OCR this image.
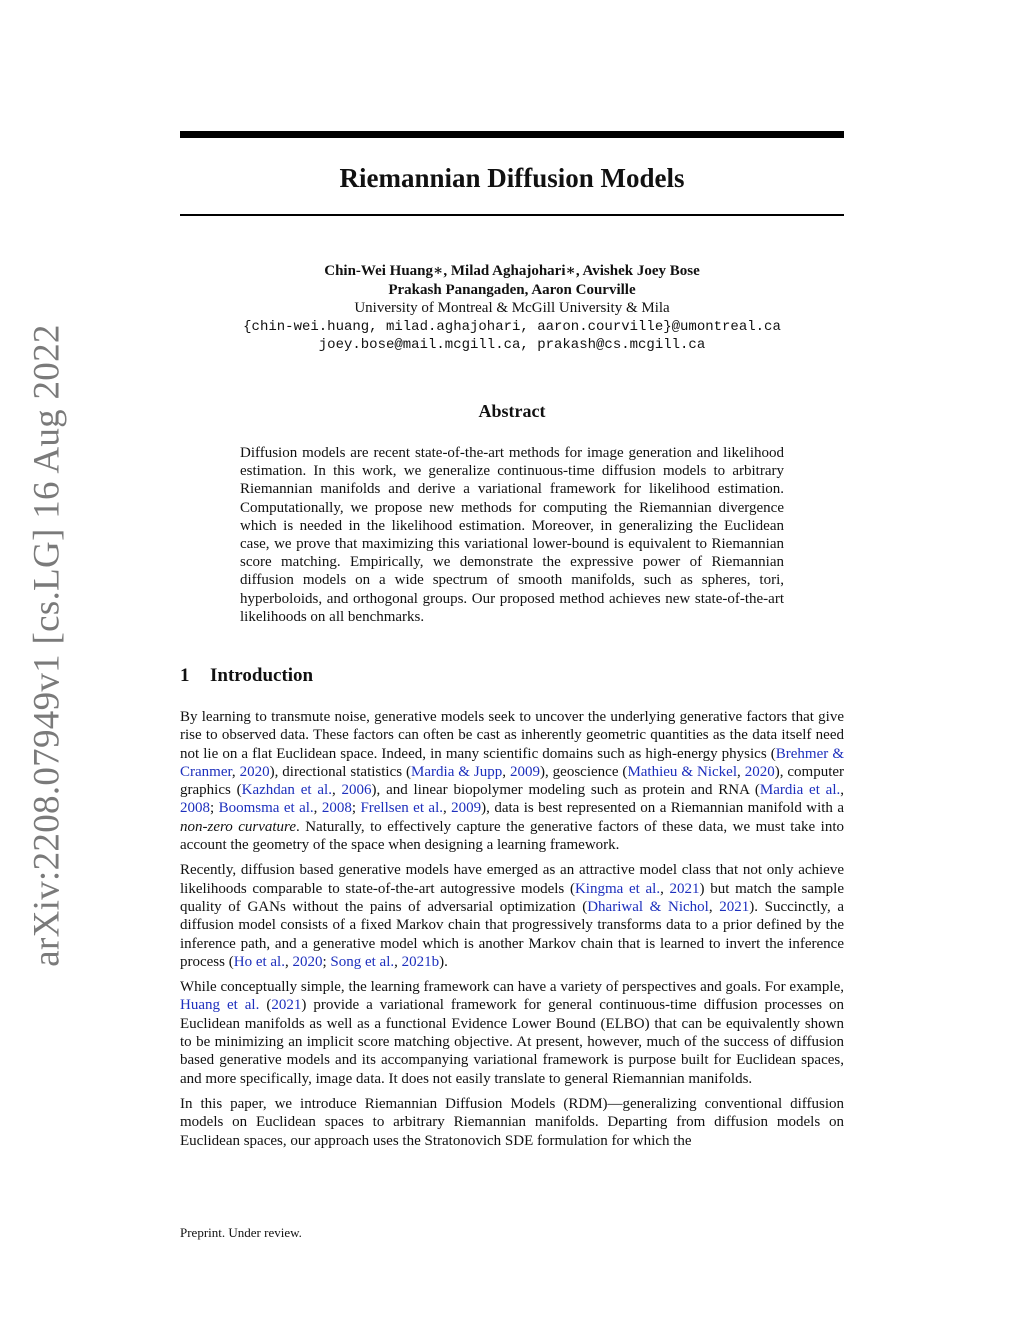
arXiv:2208.07949v1 [cs.LG] 16 Aug 2022
Riemannian Diffusion Models
Chin-Wei Huang∗, Milad Aghajohari∗, Avishek Joey Bose
Prakash Panangaden, Aaron Courville
University of Montreal & McGill University & Mila
{chin-wei.huang, milad.aghajohari, aaron.courville}@umontreal.ca
joey.bose@mail.mcgill.ca, prakash@cs.mcgill.ca
Abstract

Diffusion models are recent state-of-the-art methods for image generation and likelihood estimation. In this work, we generalize continuous-time diffusion models to arbitrary Riemannian manifolds and derive a variational framework for likelihood estimation. Computationally, we propose new methods for computing the Riemannian divergence which is needed in the likelihood estimation. Moreover, in generalizing the Euclidean case, we prove that maximizing this variational lower-bound is equivalent to Riemannian score matching. Empirically, we demonstrate the expressive power of Riemannian diffusion models on a wide spectrum of smooth manifolds, such as spheres, tori, hyperboloids, and orthogonal groups. Our proposed method achieves new state-of-the-art likelihoods on all benchmarks.

1 Introduction

By learning to transmute noise, generative models seek to uncover the underlying generative factors that give rise to observed data. These factors can often be cast as inherently geometric quantities as the data itself need not lie on a flat Euclidean space. Indeed, in many scientific domains such as high-energy physics (Brehmer & Cranmer, 2020), directional statistics (Mardia & Jupp, 2009), geoscience (Mathieu & Nickel, 2020), computer graphics (Kazhdan et al., 2006), and linear biopolymer modeling such as protein and RNA (Mardia et al., 2008; Boomsma et al., 2008; Frellsen et al., 2009), data is best represented on a Riemannian manifold with a non-zero curvature. Naturally, to effectively capture the generative factors of these data, we must take into account the geometry of the space when designing a learning framework.

Recently, diffusion based generative models have emerged as an attractive model class that not only achieve likelihoods comparable to state-of-the-art autogressive models (Kingma et al., 2021) but match the sample quality of GANs without the pains of adversarial optimization (Dhariwal & Nichol, 2021). Succinctly, a diffusion model consists of a fixed Markov chain that progressively transforms data to a prior defined by the inference path, and a generative model which is another Markov chain that is learned to invert the inference process (Ho et al., 2020; Song et al., 2021b).

While conceptually simple, the learning framework can have a variety of perspectives and goals. For example, Huang et al. (2021) provide a variational framework for general continuous-time diffusion processes on Euclidean manifolds as well as a functional Evidence Lower Bound (ELBO) that can be equivalently shown to be minimizing an implicit score matching objective. At present, however, much of the success of diffusion based generative models and its accompanying variational framework is purpose built for Euclidean spaces, and more specifically, image data. It does not easily translate to general Riemannian manifolds.

In this paper, we introduce Riemannian Diffusion Models (RDM)—generalizing conventional diffusion models on Euclidean spaces to arbitrary Riemannian manifolds. Departing from diffusion models on Euclidean spaces, our approach uses the Stratonovich SDE formulation for which the

Preprint. Under review.
